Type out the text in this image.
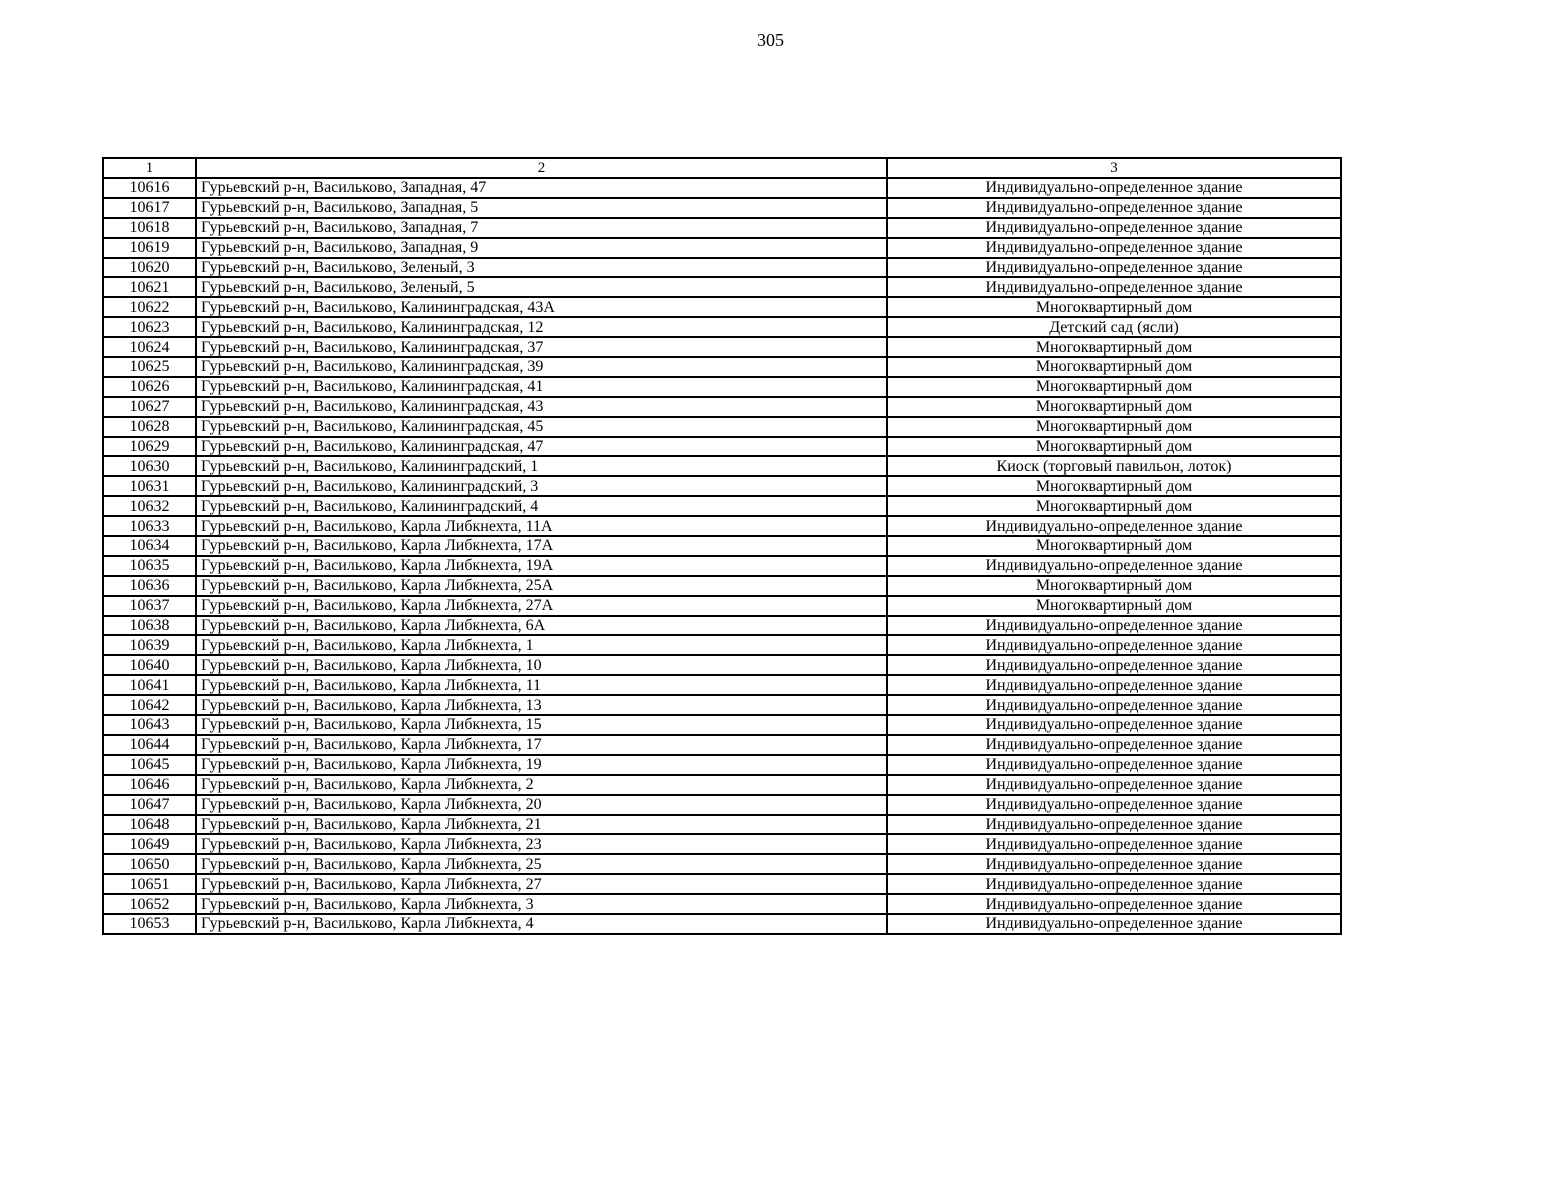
305
1	2	3
10616	Гурьевский р-н, Васильково, Западная, 47	Индивидуально-определенное здание
10617	Гурьевский р-н, Васильково, Западная, 5	Индивидуально-определенное здание
10618	Гурьевский р-н, Васильково, Западная, 7	Индивидуально-определенное здание
10619	Гурьевский р-н, Васильково, Западная, 9	Индивидуально-определенное здание
10620	Гурьевский р-н, Васильково, Зеленый, 3	Индивидуально-определенное здание
10621	Гурьевский р-н, Васильково, Зеленый, 5	Индивидуально-определенное здание
10622	Гурьевский р-н, Васильково, Калининградская, 43А	Многоквартирный дом
10623	Гурьевский р-н, Васильково, Калининградская, 12	Детский сад (ясли)
10624	Гурьевский р-н, Васильково, Калининградская, 37	Многоквартирный дом
10625	Гурьевский р-н, Васильково, Калининградская, 39	Многоквартирный дом
10626	Гурьевский р-н, Васильково, Калининградская, 41	Многоквартирный дом
10627	Гурьевский р-н, Васильково, Калининградская, 43	Многоквартирный дом
10628	Гурьевский р-н, Васильково, Калининградская, 45	Многоквартирный дом
10629	Гурьевский р-н, Васильково, Калининградская, 47	Многоквартирный дом
10630	Гурьевский р-н, Васильково, Калининградский, 1	Киоск (торговый павильон, лоток)
10631	Гурьевский р-н, Васильково, Калининградский, 3	Многоквартирный дом
10632	Гурьевский р-н, Васильково, Калининградский, 4	Многоквартирный дом
10633	Гурьевский р-н, Васильково, Карла Либкнехта, 11А	Индивидуально-определенное здание
10634	Гурьевский р-н, Васильково, Карла Либкнехта, 17А	Многоквартирный дом
10635	Гурьевский р-н, Васильково, Карла Либкнехта, 19А	Индивидуально-определенное здание
10636	Гурьевский р-н, Васильково, Карла Либкнехта, 25А	Многоквартирный дом
10637	Гурьевский р-н, Васильково, Карла Либкнехта, 27А	Многоквартирный дом
10638	Гурьевский р-н, Васильково, Карла Либкнехта, 6А	Индивидуально-определенное здание
10639	Гурьевский р-н, Васильково, Карла Либкнехта, 1	Индивидуально-определенное здание
10640	Гурьевский р-н, Васильково, Карла Либкнехта, 10	Индивидуально-определенное здание
10641	Гурьевский р-н, Васильково, Карла Либкнехта, 11	Индивидуально-определенное здание
10642	Гурьевский р-н, Васильково, Карла Либкнехта, 13	Индивидуально-определенное здание
10643	Гурьевский р-н, Васильково, Карла Либкнехта, 15	Индивидуально-определенное здание
10644	Гурьевский р-н, Васильково, Карла Либкнехта, 17	Индивидуально-определенное здание
10645	Гурьевский р-н, Васильково, Карла Либкнехта, 19	Индивидуально-определенное здание
10646	Гурьевский р-н, Васильково, Карла Либкнехта, 2	Индивидуально-определенное здание
10647	Гурьевский р-н, Васильково, Карла Либкнехта, 20	Индивидуально-определенное здание
10648	Гурьевский р-н, Васильково, Карла Либкнехта, 21	Индивидуально-определенное здание
10649	Гурьевский р-н, Васильково, Карла Либкнехта, 23	Индивидуально-определенное здание
10650	Гурьевский р-н, Васильково, Карла Либкнехта, 25	Индивидуально-определенное здание
10651	Гурьевский р-н, Васильково, Карла Либкнехта, 27	Индивидуально-определенное здание
10652	Гурьевский р-н, Васильково, Карла Либкнехта, 3	Индивидуально-определенное здание
10653	Гурьевский р-н, Васильково, Карла Либкнехта, 4	Индивидуально-определенное здание
